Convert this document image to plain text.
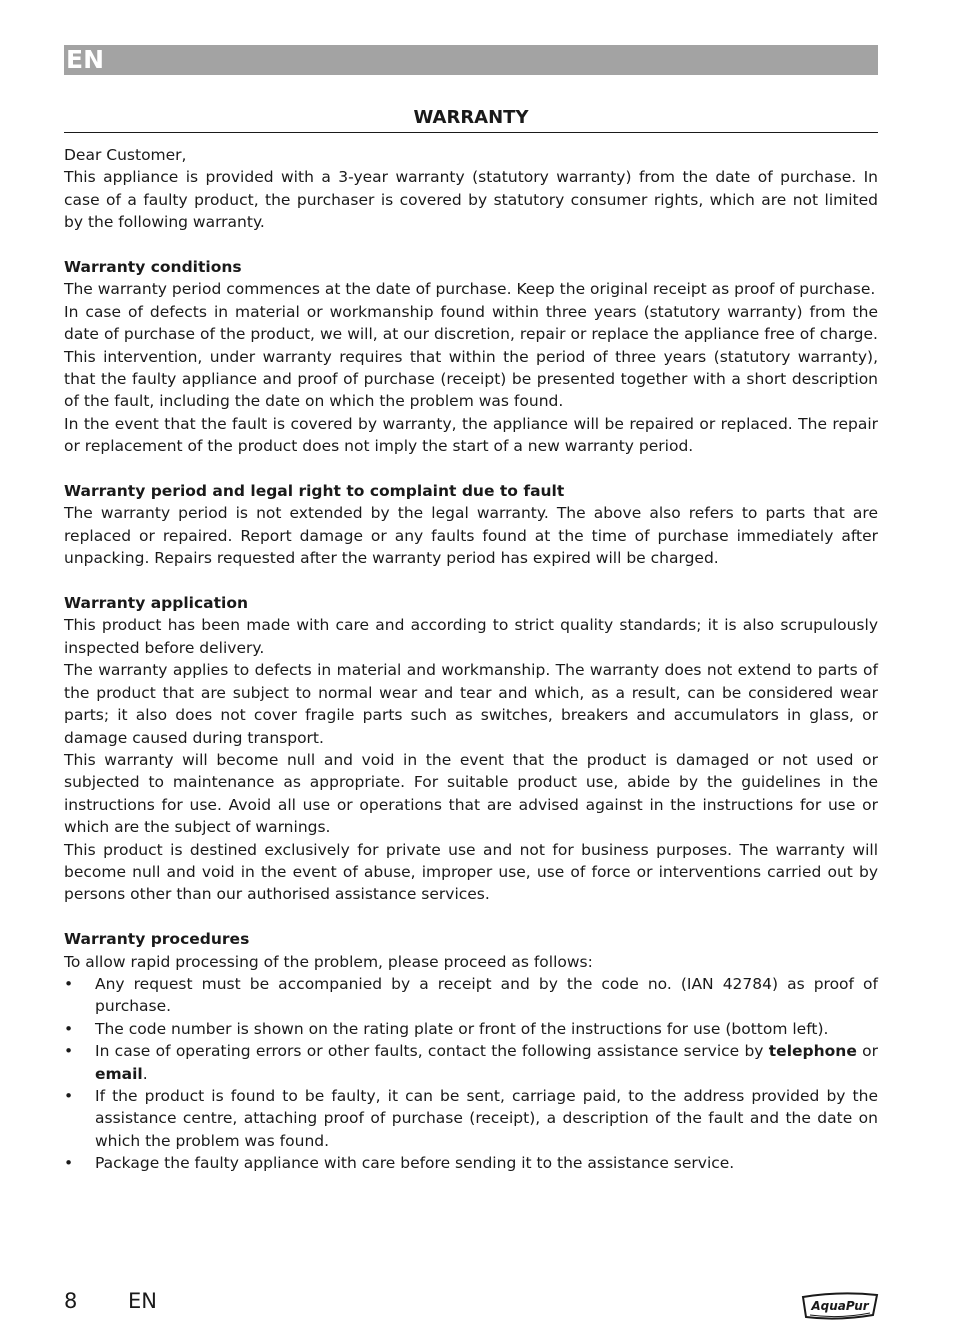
EN
WARRANTY

Dear Customer,

This appliance is provided with a 3-year warranty (statutory warranty) from the date of purchase. In case of a faulty product, the purchaser is covered by statutory consumer rights, which are not limited by the following warranty.

Warranty conditions

The warranty period commences at the date of purchase. Keep the original receipt as proof of purchase.

In case of defects in material or workmanship found within three years (statutory warranty) from the date of purchase of the product, we will, at our discretion, repair or replace the appliance free of charge. This intervention, under warranty requires that within the period of three years (statutory warranty), that the faulty appliance and proof of purchase (receipt) be presented together with a short description of the fault, including the date on which the problem was found.

In the event that the fault is covered by warranty, the appliance will be repaired or replaced. The repair or replacement of the product does not imply the start of a new warranty period.

Warranty period and legal right to complaint due to fault

The warranty period is not extended by the legal warranty. The above also refers to parts that are replaced or repaired. Report damage or any faults found at the time of purchase immediately after unpacking. Repairs requested after the warranty period has expired will be charged.

Warranty application

This product has been made with care and according to strict quality standards; it is also scrupulously inspected before delivery.

The warranty applies to defects in material and workmanship. The warranty does not extend to parts of the product that are subject to normal wear and tear and which, as a result, can be considered wear parts; it also does not cover fragile parts such as switches, breakers and accumulators in glass, or damage caused during transport.

This warranty will become null and void in the event that the product is damaged or not used or subjected to maintenance as appropriate. For suitable product use, abide by the guidelines in the instructions for use. Avoid all use or operations that are advised against in the instructions for use or which are the subject of warnings.

This product is destined exclusively for private use and not for business purposes. The warranty will become null and void in the event of abuse, improper use, use of force or interventions carried out by persons other than our authorised assistance services.

Warranty procedures

To allow rapid processing of the problem, please proceed as follows:

• Any request must be accompanied by a receipt and by the code no. (IAN 42784) as proof of purchase.
• The code number is shown on the rating plate or front of the instructions for use (bottom left).
• In case of operating errors or other faults, contact the following assistance service by telephone or email.
• If the product is found to be faulty, it can be sent, carriage paid, to the address provided by the assistance centre, attaching proof of purchase (receipt), a description of the fault and the date on which the problem was found.
• Package the faulty appliance with care before sending it to the assistance service.
8 EN	AquaPur
